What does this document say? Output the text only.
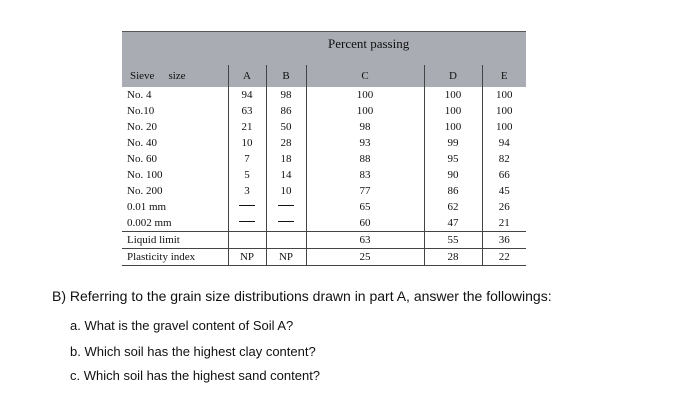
Percent passing
Sieve size	A	B	C	D	E
No. 4	94	98	100	100	100
No.10	63	86	100	100	100
No. 20	21	50	98	100	100
No. 40	10	28	93	99	94
No. 60	7	18	88	95	82
No. 100	5	14	83	90	66
No. 200	3	10	77	86	45
0.01 mm			65	62	26
0.002 mm			60	47	21
Liquid limit			63	55	36
Plasticity index	NP	NP	25	28	22
B) Referring to the grain size distributions drawn in part A, answer the followings:
a. What is the gravel content of Soil A?
b. Which soil has the highest clay content?
c. Which soil has the highest sand content?
